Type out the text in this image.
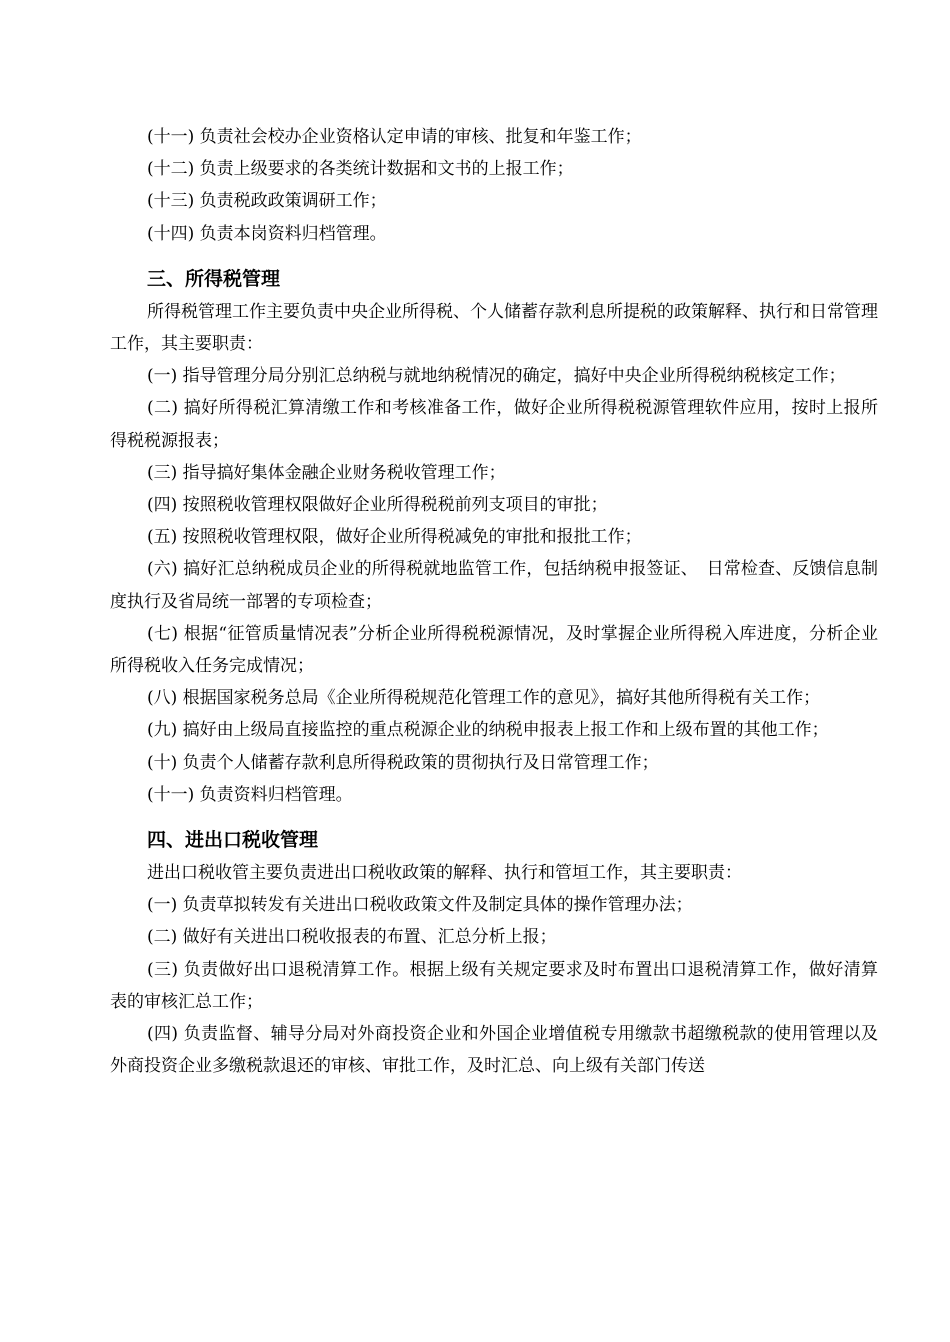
(十一) 负责社会校办企业资格认定申请的审核、批复和年鉴工作；

(十二) 负责上级要求的各类统计数据和文书的上报工作；

(十三) 负责税政政策调研工作；

(十四) 负责本岗资料归档管理。

三、所得税管理

所得税管理工作主要负责中央企业所得税、个人储蓄存款利息所提税的政策解释、执行和日常管理工作，其主要职责：

(一) 指导管理分局分别汇总纳税与就地纳税情况的确定，搞好中央企业所得税纳税核定工作；

(二) 搞好所得税汇算清缴工作和考核准备工作，做好企业所得税税源管理软件应用，按时上报所得税税源报表；

(三) 指导搞好集体金融企业财务税收管理工作；

(四) 按照税收管理权限做好企业所得税税前列支项目的审批；

(五) 按照税收管理权限，做好企业所得税减免的审批和报批工作；

(六) 搞好汇总纳税成员企业的所得税就地监管工作，包括纳税申报签证、　日常检查、反馈信息制度执行及省局统一部署的专项检查；

(七) 根据“征管质量情况表”分析企业所得税税源情况，及时掌握企业所得税入库进度，分析企业所得税收入任务完成情况；

(八) 根据国家税务总局《企业所得税规范化管理工作的意见》，搞好其他所得税有关工作；

(九) 搞好由上级局直接监控的重点税源企业的纳税申报表上报工作和上级布置的其他工作；

(十) 负责个人储蓄存款利息所得税政策的贯彻执行及日常管理工作；

(十一) 负责资料归档管理。

四、进出口税收管理

进出口税收管主要负责进出口税收政策的解释、执行和管垣工作，其主要职责：

(一) 负责草拟转发有关进出口税收政策文件及制定具体的操作管理办法；

(二) 做好有关进出口税收报表的布置、汇总分析上报；

(三) 负责做好出口退税清算工作。根据上级有关规定要求及时布置出口退税清算工作，做好清算表的审核汇总工作；

(四) 负责监督、辅导分局对外商投资企业和外国企业增值税专用缴款书超缴税款的使用管理以及外商投资企业多缴税款退还的审核、审批工作，及时汇总、向上级有关部门传送
